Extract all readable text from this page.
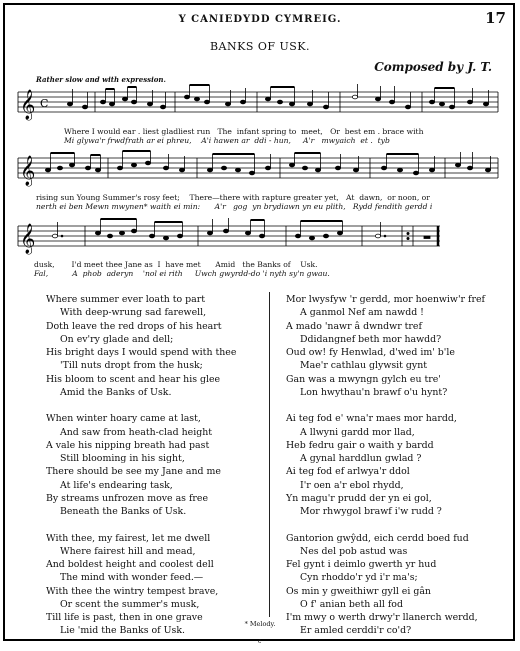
Y CANIEDYDD CYMREIG.	17
BANKS OF USK.
Composed by J. T.
Rather slow and with expression.
𝄞 C
Where I would ear . liest gladliest run   The  infant spring to  meet,   Or  best em . brace with
Mi glywa'r frwdfrath ar ei phreu,    A'i hawen ar  ddi - hun,     A'r   mwyaich  et .  tyb
𝄞
rising sun Young Summer's rosy feet;    There—there with rapture greater yet,   At  dawn,  or noon, or
nerth ei ben Mewn mwynen* waith ei min:      A'r   gog  yn brydiawn yn eu plith,   Rydd fendith gerdd i
𝄞
dusk,       I'd meet thee Jane as  I  have met      Amid   the Banks of    Usk.
Fal,          A  phob  aderyn    'nol ei rith     Uwch gwyrdd-do 'i nyth sy'n gwau.
Where summer ever loath to part
With deep-wrung sad farewell,
Doth leave the red drops of his heart
On ev'ry glade and dell;
His bright days I would spend with thee
'Till nuts dropt from the husk;
His bloom to scent and hear his glee
Amid the Banks of Usk.
When winter hoary came at last,
And saw from heath-clad height
A vale his nipping breath had past
Still blooming in his sight,
There should be see my Jane and me
At life's endearing task,
By streams unfrozen move as free
Beneath the Banks of Usk.
With thee, my fairest, let me dwell
Where fairest hill and mead,
And boldest height and coolest dell
The mind with wonder feed.—
With thee the wintry tempest brave,
Or scent the summer's musk,
Till life is past, then in one grave
Lie 'mid the Banks of Usk.
Mor lwysfyw 'r gerdd, mor hoenwiw'r fref
A ganmol Nef am nawdd !
A mado 'nawr â dwndwr tref
Ddidangnef beth mor hawdd?
Oud ow! fy Henwlad, d'wed im' b'le
Mae'r cathlau glywsit gynt
Gan was a mwyngn gylch eu tre'
Lon hwythau'n brawf o'u hynt?
Ai teg fod e' wna'r maes mor hardd,
A llwyni gardd mor llad,
Heb fedru gair o waith y bardd
A gynal harddlun gwlad ?
Ai teg fod ef arlwya'r ddol
I'r oen a'r ebol rhydd,
Yn magu'r prudd der yn ei gol,
Mor rhwygol brawf i'w rudd ?
Gantorion gwŷdd, eich cerdd boed fud
Nes del pob astud was
Fel gynt i deimlo gwerth yr hud
Cyn rhoddo'r yd i'r ma's;
Os min y gweithiwr gyll ei gân
O f' anian beth all fod
I'm mwy o werth drwy'r llanerch werdd,
Er amled cerddi'r co'd?
* Melody.
c
